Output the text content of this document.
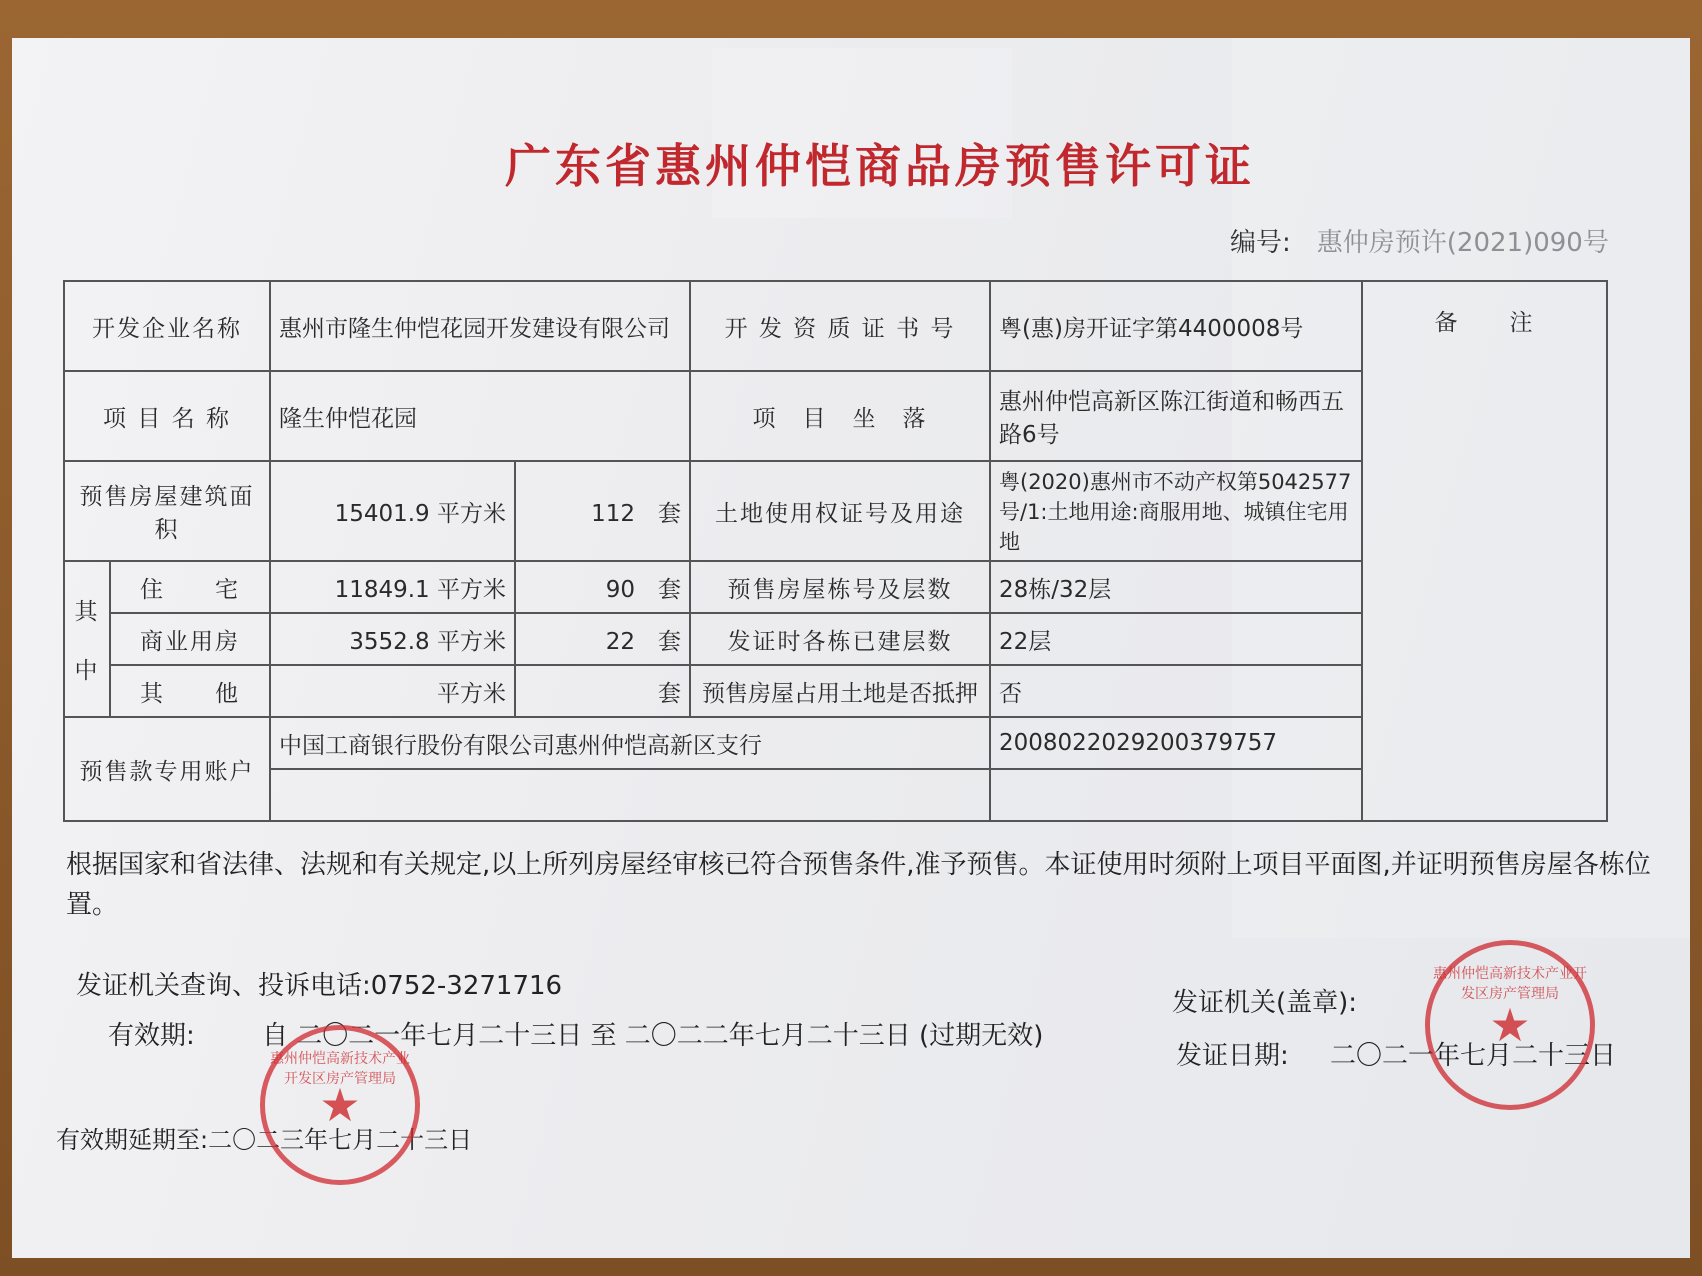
广东省惠州仲恺商品房预售许可证
编号: 惠仲房预许(2021)090号
开发企业名称		惠州市隆生仲恺花园开发建设有限公司		开 发 资 质 证 书 号	粤(惠)房开证字第4400008号	备　　注
项 目 名 称		隆生仲恺花园		项　目　坐　落	惠州仲恺高新区陈江街道和畅西五路6号	
预售房屋建筑面积		15401.9 平方米	112　 套	土地使用权证号及用途	粤(2020)惠州市不动产权第5042577号/1:土地用途:商服用地、城镇住宅用地	
其

中	住　　宅	11849.1 平方米	90　 套	预售房屋栋号及层数	28栋/32层	
	商业用房	3552.8 平方米	22　 套	发证时各栋已建层数	22层	
	其　　他	平方米	套	预售房屋占用土地是否抵押	否	
预售款专用账户		中国工商银行股份有限公司惠州仲恺高新区支行			2008022029200379757	

根据国家和省法律、法规和有关规定,以上所列房屋经审核已符合预售条件,准予预售。本证使用时须附上项目平面图,并证明预售房屋各栋位置。
发证机关查询、投诉电话:0752-3271716
有效期:	自 二〇二一年七月二十三日 至 二〇二二年七月二十三日 (过期无效)
发证机关(盖章):
发证日期: 二〇二一年七月二十三日
有效期延期至:二〇二三年七月二十三日
惠州仲恺高新技术产业开发区房产管理局
★
惠州仲恺高新技术产业开发区房产管理局
★
